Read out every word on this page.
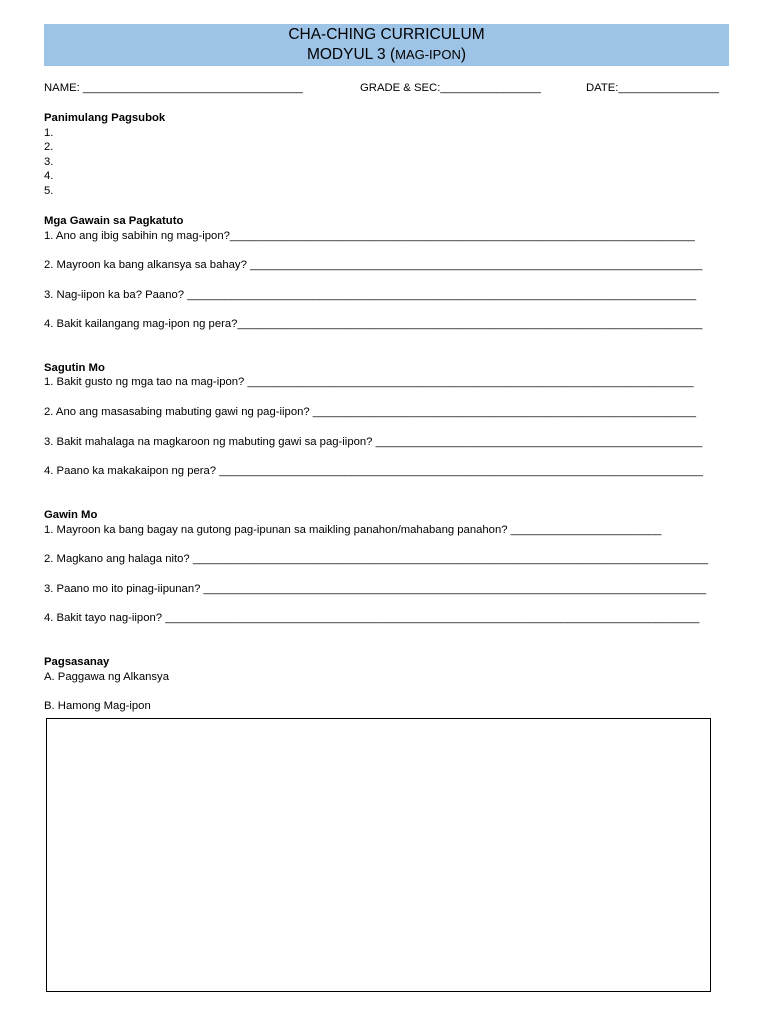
CHA-CHING CURRICULUM
MODYUL 3 (MAG-IPON)
NAME: ___________________________________	GRADE & SEC:________________	DATE:________________
Panimulang Pagsubok
1.
2.
3.
4.
5.
Mga Gawain sa Pagkatuto
1. Ano ang ibig sabihin ng mag-ipon?__________________________________________________________________________
2. Mayroon ka bang alkansya sa bahay? ________________________________________________________________________
3. Nag-iipon ka ba? Paano? _________________________________________________________________________________
4. Bakit kailangang mag-ipon ng pera?__________________________________________________________________________
Sagutin Mo
1. Bakit gusto ng mga tao na mag-ipon? _______________________________________________________________________
2. Ano ang masasabing mabuting gawi ng pag-iipon? _____________________________________________________________
3. Bakit mahalaga na magkaroon ng mabuting gawi sa pag-iipon? ____________________________________________________
4. Paano ka makakaipon ng pera? _____________________________________________________________________________
Gawin Mo
1. Mayroon ka bang bagay na gutong pag-ipunan sa maikling panahon/mahabang panahon? ________________________
2. Magkano ang halaga nito? __________________________________________________________________________________
3. Paano mo ito pinag-iipunan? ________________________________________________________________________________
4. Bakit tayo nag-iipon? _____________________________________________________________________________________
Pagsasanay
A. Paggawa ng Alkansya
B. Hamong Mag-ipon
